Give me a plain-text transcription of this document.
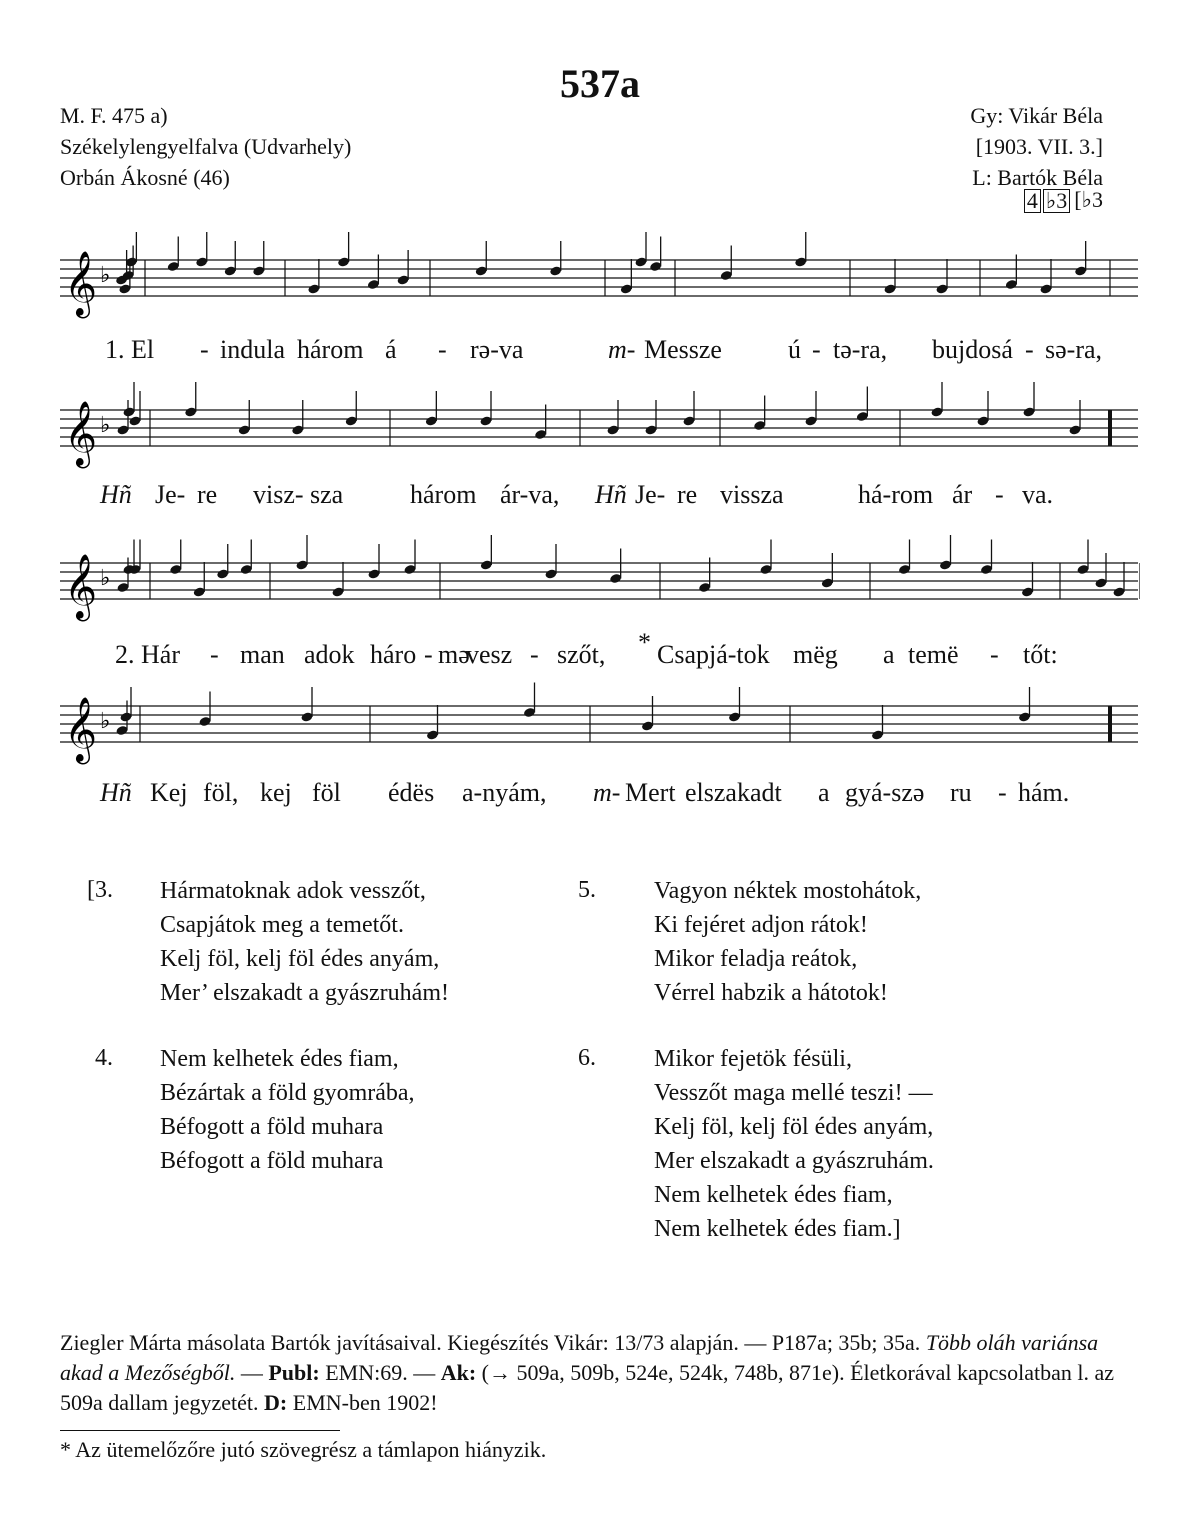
537a
M. F. 475 a)
Székelylengyelfalva (Udvarhely)
Orbán Ákosné (46)
Gy: Vikár Béla
[1903. VII. 3.]
L: Bartók Béla
4 ♭3 [♭3
𝄞 ♭
1. El - indula három á - rə-va	m- Messze	ú - tə-ra, bujdosá - sə-ra,
𝄞 ♭
Hñ Je- re visz- sza	három ár-va, Hñ Je- re vissza	há-rom ár - va.
𝄞 ♭
2. Hár - man adok háro - mə
vesz - szőt, * Csapjá-tok mëg a temë - tőt:
𝄞 ♭
Hñ Kej föl, kej föl édës a-nyám, m- Mert elszakadt a gyá-szə ru - hám.
[3. Hármatoknak adok vesszőt,
Csapjátok meg a temetőt.
Kelj föl, kelj föl édes anyám,
Mer’ elszakadt a gyászruhám!
4. Nem kelhetek édes fiam,
Bézártak a föld gyomrába,
Béfogott a föld muhara
Béfogott a föld muhara
5. Vagyon néktek mostohátok,
Ki fejéret adjon rátok!
Mikor feladja reátok,
Vérrel habzik a hátotok!
6. Mikor fejetök fésüli,
Vesszőt maga mellé teszi! —
Kelj föl, kelj föl édes anyám,
Mer elszakadt a gyászruhám.
Nem kelhetek édes fiam,
Nem kelhetek édes fiam.]
Ziegler Márta másolata Bartók javításaival. Kiegészítés Vikár: 13/73 alapján. — P187a; 35b; 35a. Több oláh variánsa akad a Mezőségből. — Publ: EMN:69. — Ak: (→ 509a, 509b, 524e, 524k, 748b, 871e). Életkorával kapcsolatban l. az 509a dallam jegyzetét. D: EMN-ben 1902!
* Az ütemelőzőre jutó szövegrész a támlapon hiányzik.
